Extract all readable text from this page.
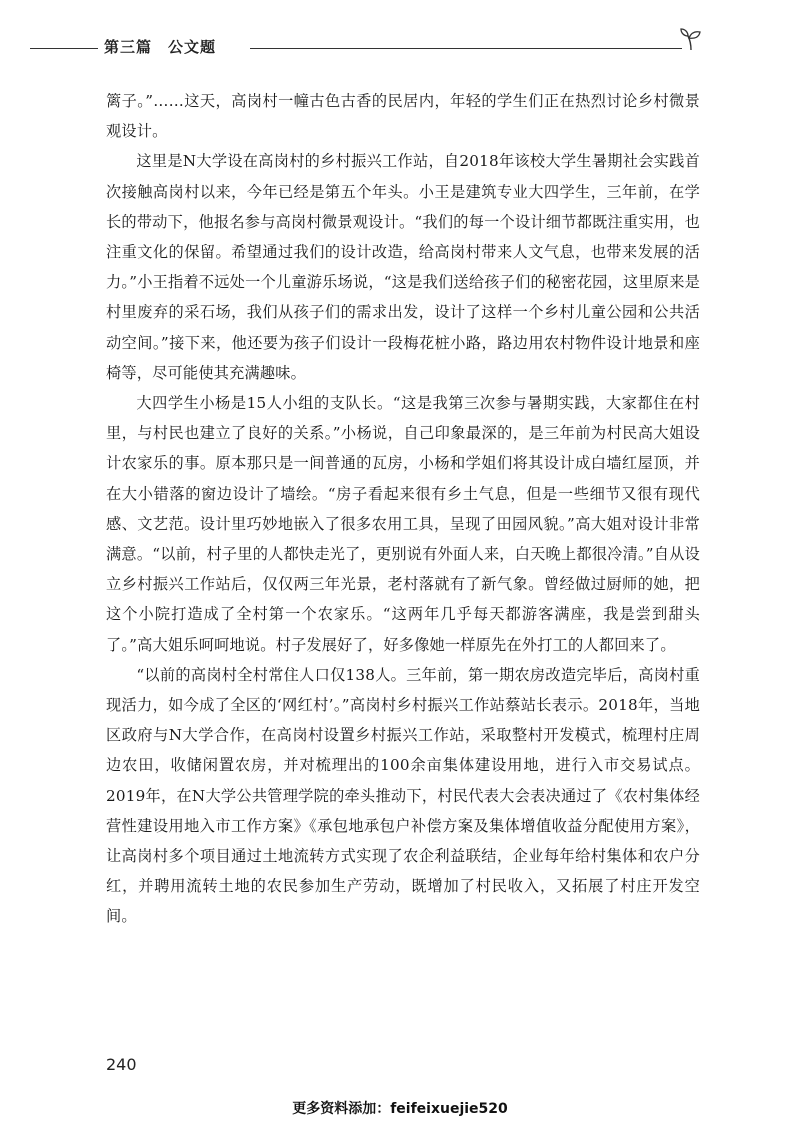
第三篇　公文题

篱子。”……这天，高岗村一幢古色古香的民居内，年轻的学生们正在热烈讨论乡村微景观设计。

这里是N大学设在高岗村的乡村振兴工作站，自2018年该校大学生暑期社会实践首次接触高岗村以来，今年已经是第五个年头。小王是建筑专业大四学生，三年前，在学长的带动下，他报名参与高岗村微景观设计。“我们的每一个设计细节都既注重实用，也注重文化的保留。希望通过我们的设计改造，给高岗村带来人文气息，也带来发展的活力。”小王指着不远处一个儿童游乐场说，“这是我们送给孩子们的秘密花园，这里原来是村里废弃的采石场，我们从孩子们的需求出发，设计了这样一个乡村儿童公园和公共活动空间。”接下来，他还要为孩子们设计一段梅花桩小路，路边用农村物件设计地景和座椅等，尽可能使其充满趣味。

大四学生小杨是15人小组的支队长。“这是我第三次参与暑期实践，大家都住在村里，与村民也建立了良好的关系。”小杨说，自己印象最深的，是三年前为村民高大姐设计农家乐的事。原本那只是一间普通的瓦房，小杨和学姐们将其设计成白墙红屋顶，并在大小错落的窗边设计了墙绘。“房子看起来很有乡土气息，但是一些细节又很有现代感、文艺范。设计里巧妙地嵌入了很多农用工具，呈现了田园风貌。”高大姐对设计非常满意。“以前，村子里的人都快走光了，更别说有外面人来，白天晚上都很冷清。”自从设立乡村振兴工作站后，仅仅两三年光景，老村落就有了新气象。曾经做过厨师的她，把这个小院打造成了全村第一个农家乐。“这两年几乎每天都游客满座，我是尝到甜头了。”高大姐乐呵呵地说。村子发展好了，好多像她一样原先在外打工的人都回来了。

“以前的高岗村全村常住人口仅138人。三年前，第一期农房改造完毕后，高岗村重现活力，如今成了全区的‘网红村’。”高岗村乡村振兴工作站蔡站长表示。2018年，当地区政府与N大学合作，在高岗村设置乡村振兴工作站，采取整村开发模式，梳理村庄周边农田，收储闲置农房，并对梳理出的100余亩集体建设用地，进行入市交易试点。2019年，在N大学公共管理学院的牵头推动下，村民代表大会表决通过了《农村集体经营性建设用地入市工作方案》《承包地承包户补偿方案及集体增值收益分配使用方案》，让高岗村多个项目通过土地流转方式实现了农企利益联结，企业每年给村集体和农户分红，并聘用流转土地的农民参加生产劳动，既增加了村民收入，又拓展了村庄开发空间。

240
更多资料添加：feifeixuejie520
